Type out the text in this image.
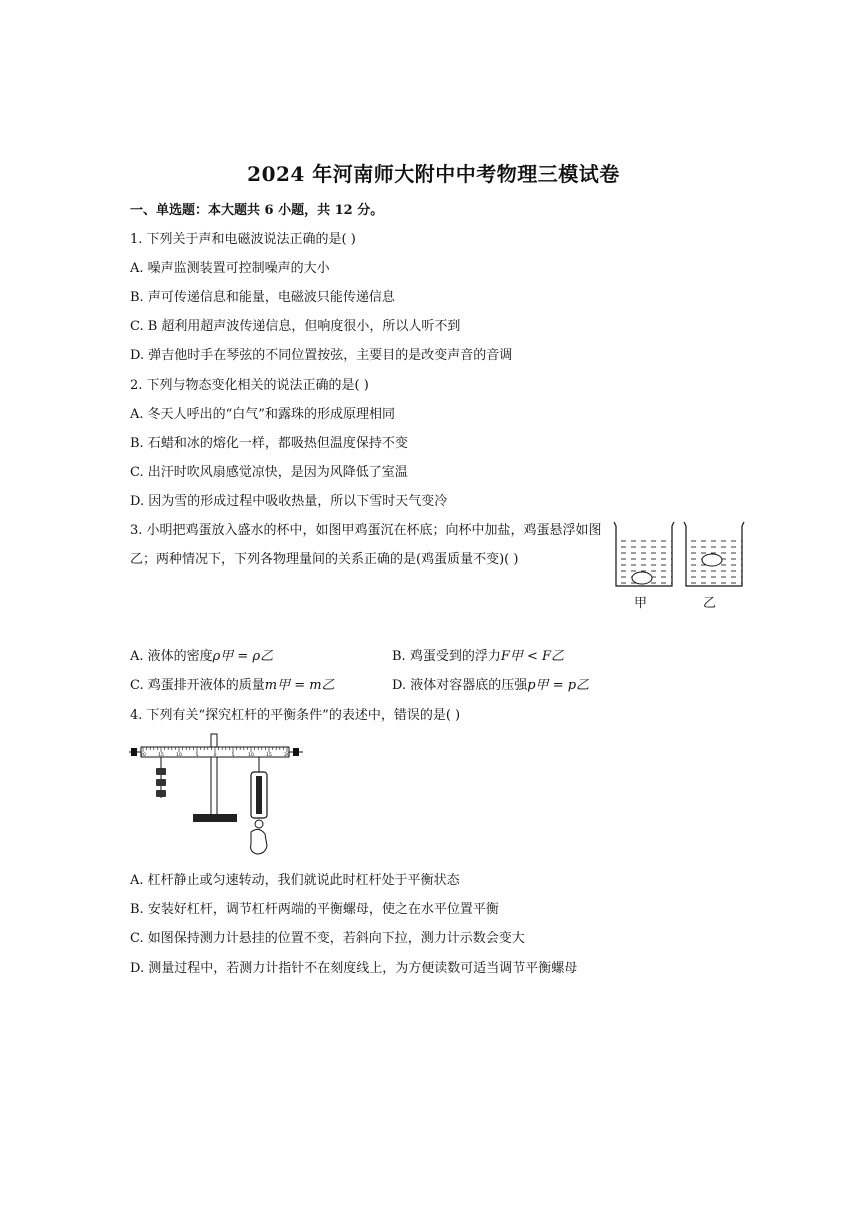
2024 年河南师大附中中考物理三模试卷
一、单选题：本大题共 6 小题，共 12 分。
1. 下列关于声和电磁波说法正确的是( )
A. 噪声监测装置可控制噪声的大小
B. 声可传递信息和能量，电磁波只能传递信息
C. B 超利用超声波传递信息，但响度很小，所以人听不到
D. 弹吉他时手在琴弦的不同位置按弦，主要目的是改变声音的音调
2. 下列与物态变化相关的说法正确的是( )
A. 冬天人呼出的“白气”和露珠的形成原理相同
B. 石蜡和冰的熔化一样，都吸热但温度保持不变
C. 出汗时吹风扇感觉凉快，是因为风降低了室温
D. 因为雪的形成过程中吸收热量，所以下雪时天气变冷
3. 小明把鸡蛋放入盛水的杯中，如图甲鸡蛋沉在杯底；向杯中加盐，鸡蛋悬浮如图
乙；两种情况下，下列各物理量间的关系正确的是(鸡蛋质量不变)( )
甲	乙
A. 液体的密度ρ甲 = ρ乙	B. 鸡蛋受到的浮力F甲 < F乙
C. 鸡蛋排开液体的质量m甲 = m乙	D. 液体对容器底的压强p甲 = p乙
4. 下列有关“探究杠杆的平衡条件”的表述中，错误的是( )
20	15	10	5	0	5	10	15	20
A. 杠杆静止或匀速转动，我们就说此时杠杆处于平衡状态
B. 安装好杠杆，调节杠杆两端的平衡螺母，使之在水平位置平衡
C. 如图保持测力计悬挂的位置不变，若斜向下拉，测力计示数会变大
D. 测量过程中，若测力计指针不在刻度线上，为方便读数可适当调节平衡螺母
